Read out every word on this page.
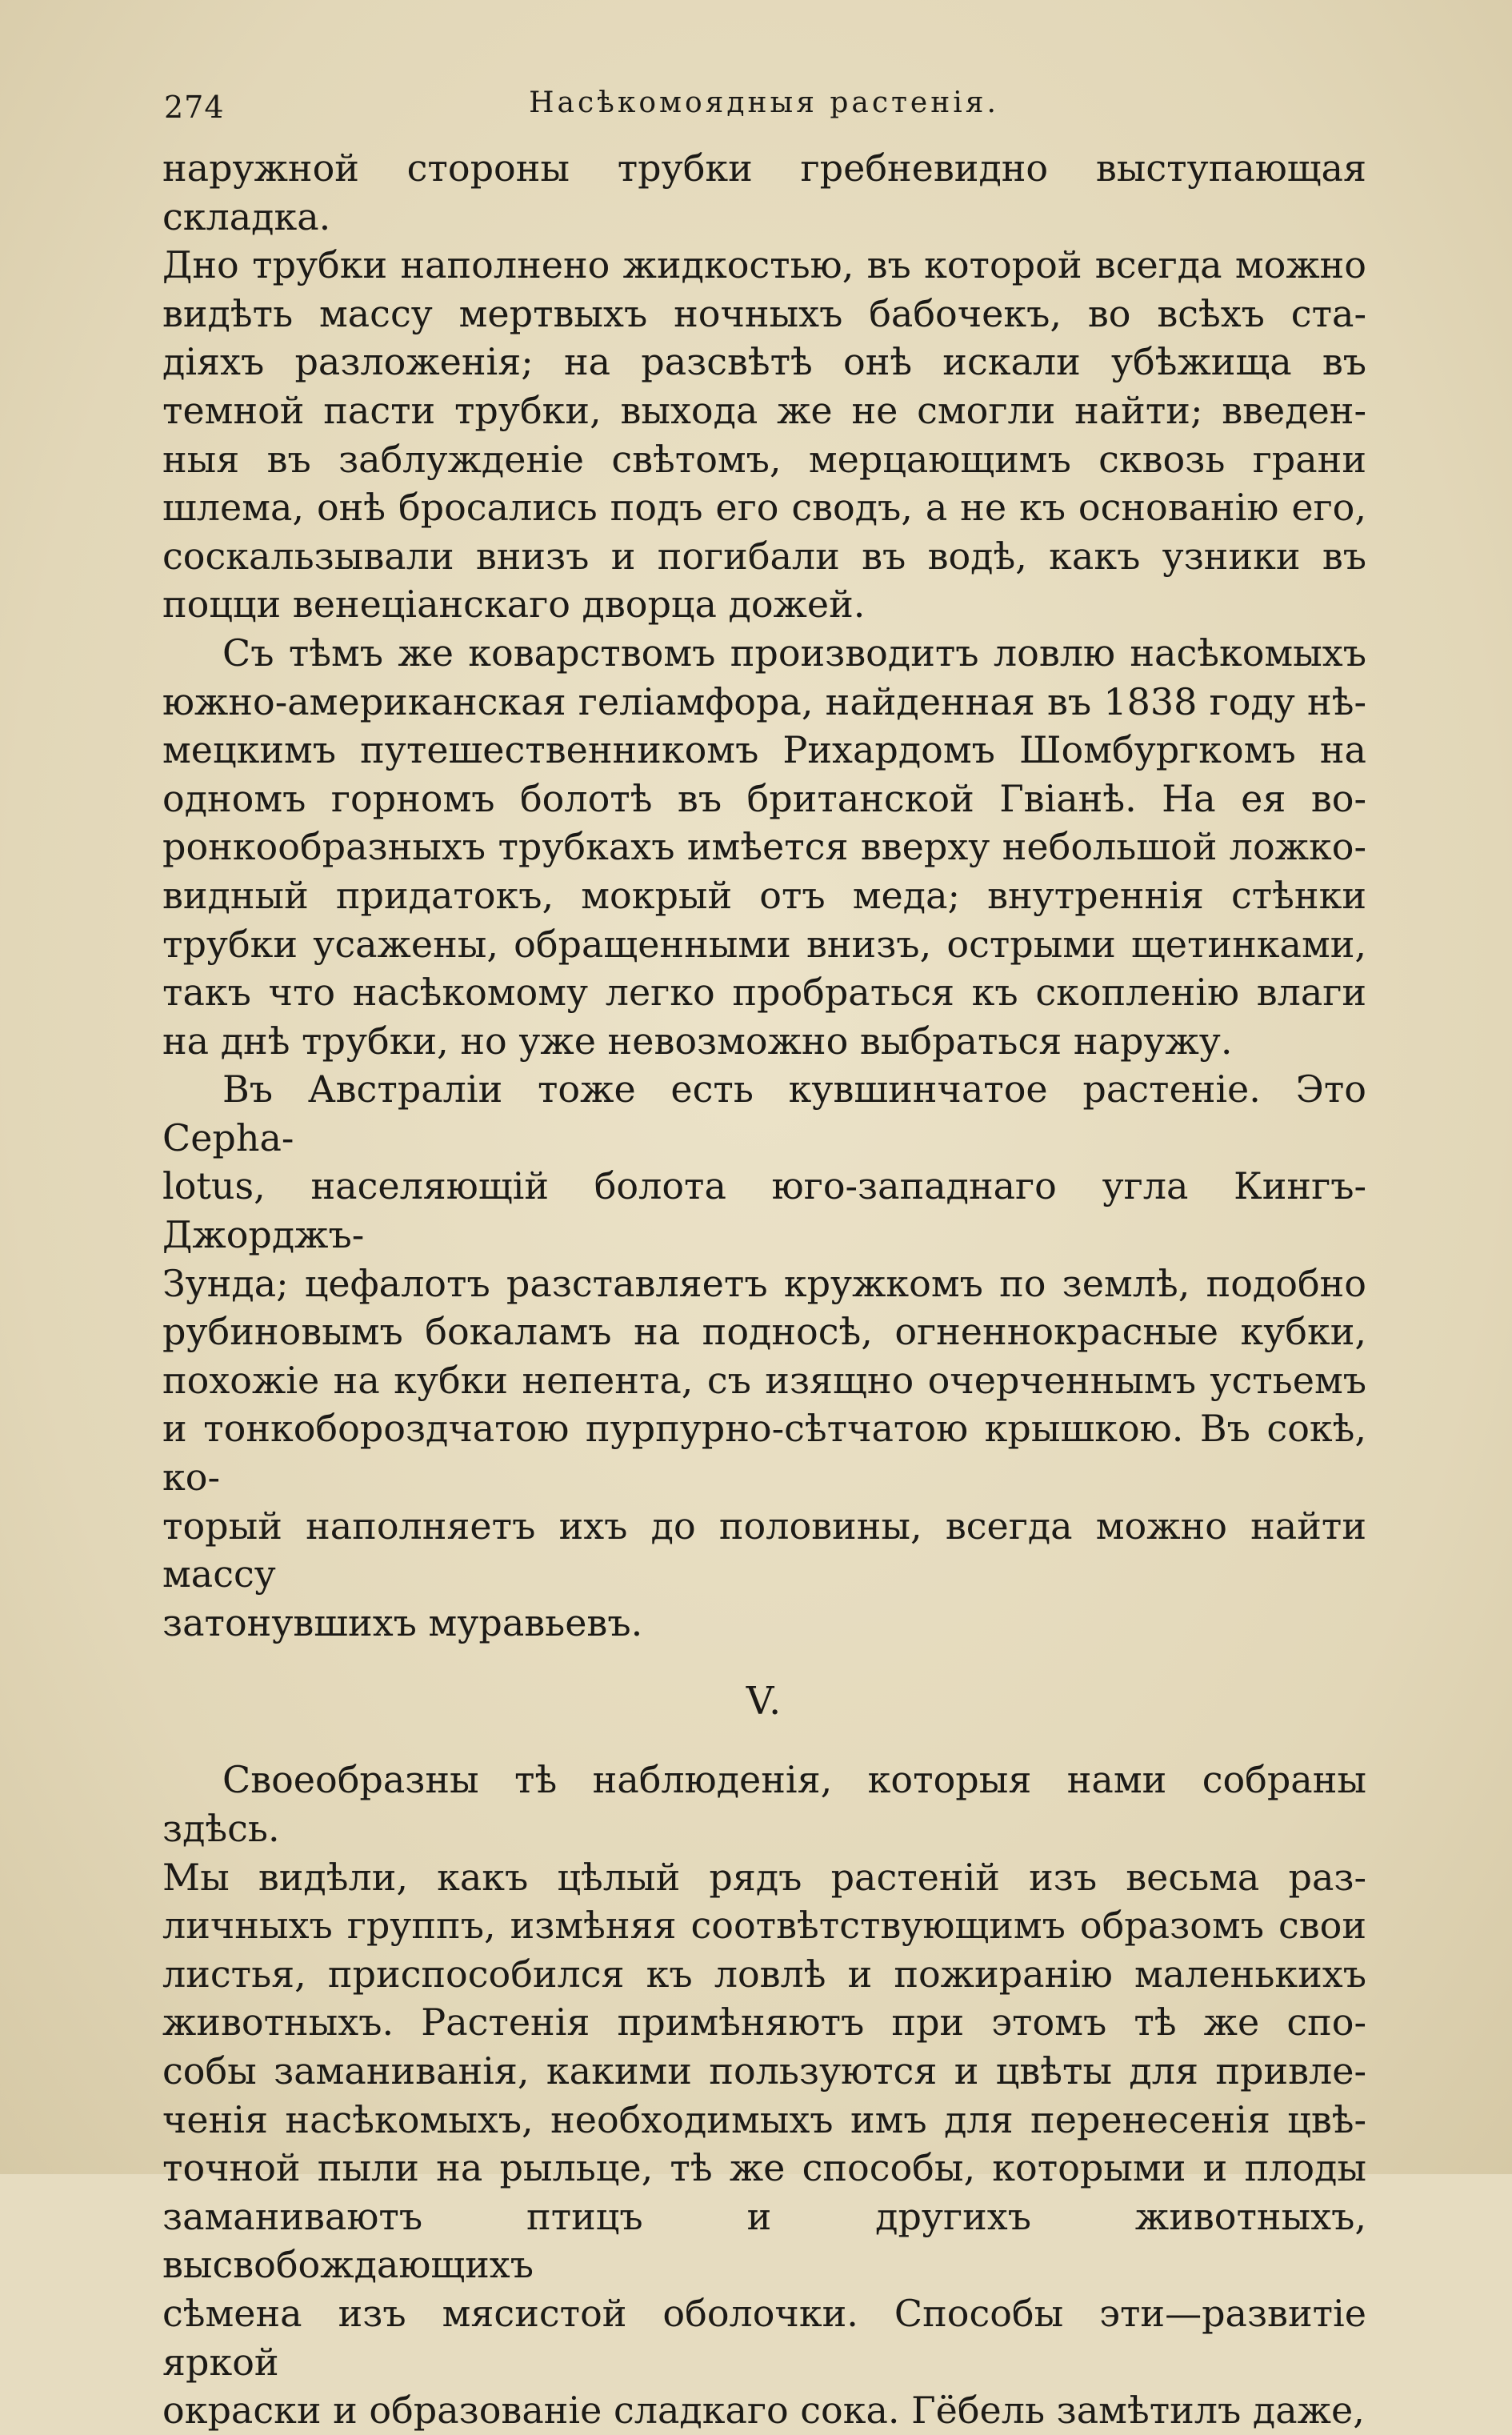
274	Насѣкомоядныя растенія.

наружной стороны трубки гребневидно выступающая складка.

Дно трубки наполнено жидкостью, въ которой всегда можно

видѣть массу мертвыхъ ночныхъ бабочекъ, во всѣхъ ста-

діяхъ разложенія; на разсвѣтѣ онѣ искали убѣжища въ

темной пасти трубки, выхода же не смогли найти; введен-

ныя въ заблужденіе свѣтомъ, мерцающимъ сквозь грани

шлема, онѣ бросались подъ его сводъ, а не къ основанію его,

соскальзывали внизъ и погибали въ водѣ, какъ узники въ

поцци венеціанскаго дворца дожей.

Съ тѣмъ же коварствомъ производитъ ловлю насѣкомыхъ

южно-американская геліамфора, найденная въ 1838 году нѣ-

мецкимъ путешественникомъ Рихардомъ Шомбургкомъ на

одномъ горномъ болотѣ въ британской Гвіанѣ. На ея во-

ронкообразныхъ трубкахъ имѣется вверху небольшой ложко-

видный придатокъ, мокрый отъ меда; внутреннія стѣнки

трубки усажены, обращенными внизъ, острыми щетинками,

такъ что насѣкомому легко пробраться къ скопленію влаги

на днѣ трубки, но уже невозможно выбраться наружу.

Въ Австраліи тоже есть кувшинчатое растеніе. Это Cepha-

lotus, населяющій болота юго-западнаго угла Кингъ-Джорджъ-

Зунда; цефалотъ разставляетъ кружкомъ по землѣ, подобно

рубиновымъ бокаламъ на подносѣ, огненнокрасные кубки,

похожіе на кубки непента, съ изящно очерченнымъ устьемъ

и тонкобороздчатою пурпурно-сѣтчатою крышкою. Въ сокѣ, ко-

торый наполняетъ ихъ до половины, всегда можно найти массу

затонувшихъ муравьевъ.

V.

Своеобразны тѣ наблюденія, которыя нами собраны здѣсь.

Мы видѣли, какъ цѣлый рядъ растеній изъ весьма раз-

личныхъ группъ, измѣняя соотвѣтствующимъ образомъ свои

листья, приспособился къ ловлѣ и пожиранію маленькихъ

животныхъ. Растенія примѣняютъ при этомъ тѣ же спо-

собы заманиванія, какими пользуются и цвѣты для привле-

ченія насѣкомыхъ, необходимыхъ имъ для перенесенія цвѣ-

точной пыли на рыльце, тѣ же способы, которыми и плоды

заманиваютъ птицъ и другихъ животныхъ, высвобождающихъ

сѣмена изъ мясистой оболочки. Способы эти—развитіе яркой

окраски и образованіе сладкаго сока. Гёбель замѣтилъ даже,
